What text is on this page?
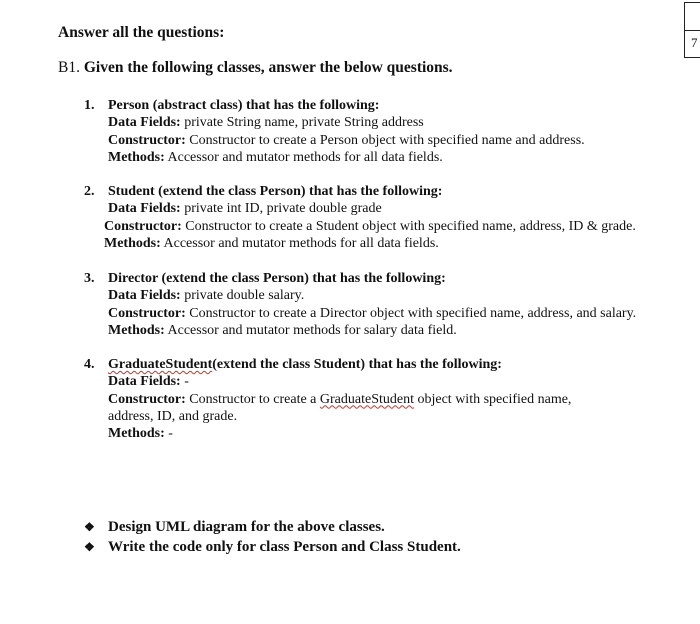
7
Answer all the questions:
B1. Given the following classes, answer the below questions.
1. Person (abstract class) that has the following:
Data Fields: private String name, private String address
Constructor: Constructor to create a Person object with specified name and address.
Methods: Accessor and mutator methods for all data fields.
2. Student (extend the class Person) that has the following:
Data Fields: private int ID, private double grade
Constructor: Constructor to create a Student object with specified name, address, ID & grade.
Methods: Accessor and mutator methods for all data fields.
3. Director (extend the class Person) that has the following:
Data Fields: private double salary.
Constructor: Constructor to create a Director object with specified name, address, and salary.
Methods: Accessor and mutator methods for salary data field.
4. GraduateStudent(extend the class Student) that has the following:
Data Fields: -
Constructor: Constructor to create a GraduateStudent object with specified name,
address, ID, and grade.
Methods: -
❖ Design UML diagram for the above classes.
❖ Write the code only for class Person and Class Student.
